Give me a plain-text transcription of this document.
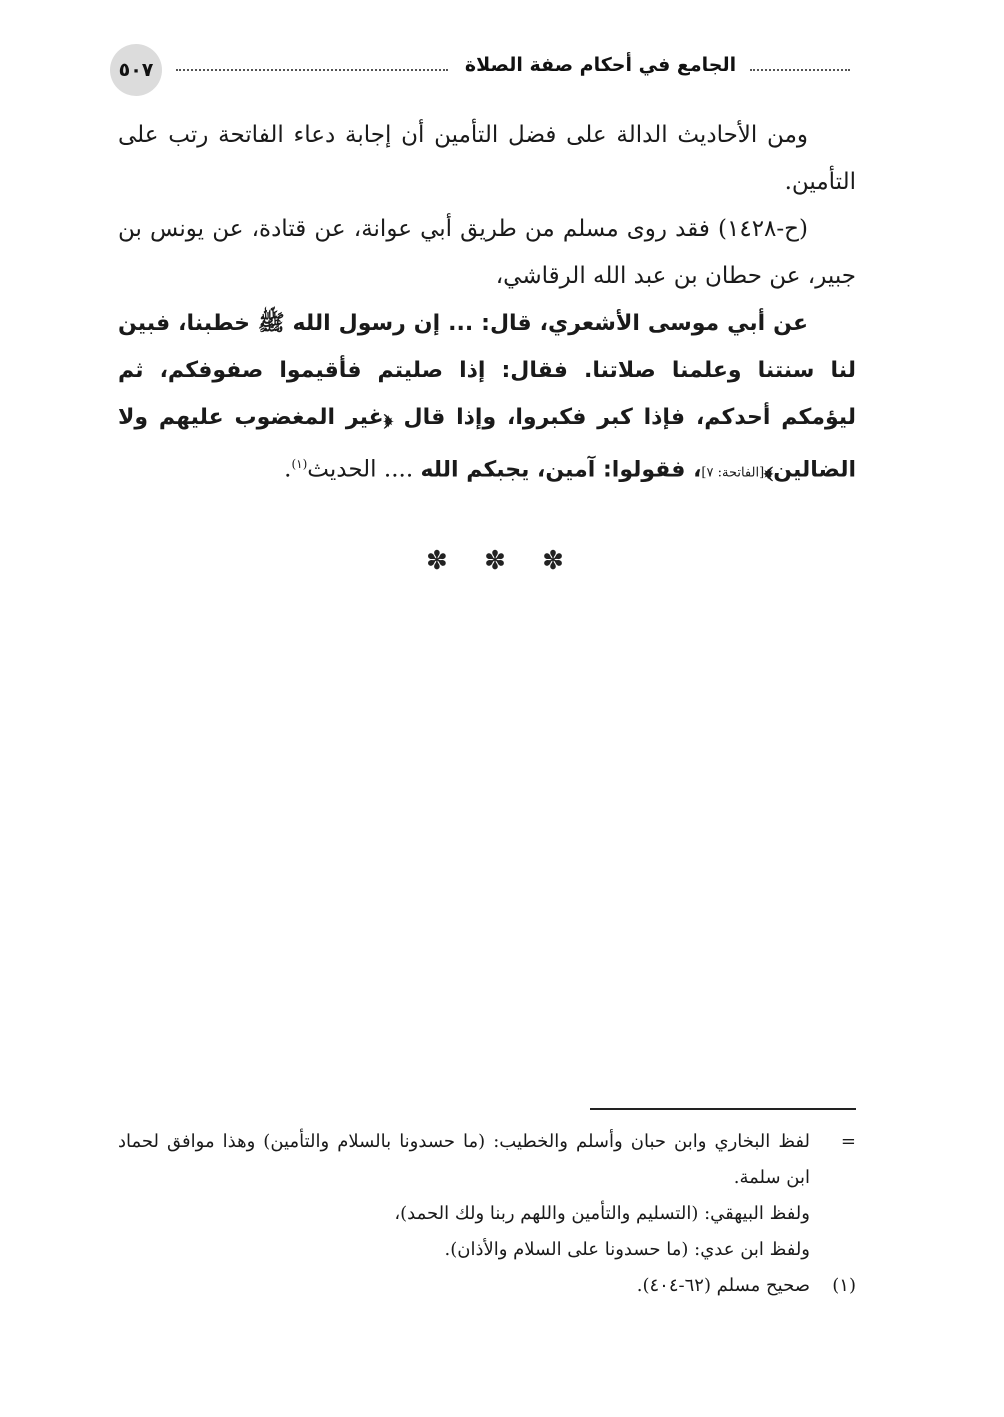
٥٠٧	الجامع في أحكام صفة الصلاة

ومن الأحاديث الدالة على فضل التأمين أن إجابة دعاء الفاتحة رتب على التأمين.

(ح-١٤٢٨) فقد روى مسلم من طريق أبي عوانة، عن قتادة، عن يونس بن جبير، عن حطان بن عبد الله الرقاشي،

عن أبي موسى الأشعري، قال: ... إن رسول الله ﷺ خطبنا، فبين لنا سنتنا وعلمنا صلاتنا. فقال: إذا صليتم فأقيموا صفوفكم، ثم ليؤمكم أحدكم، فإذا كبر فكبروا، وإذا قال ﴿غير المغضوب عليهم ولا الضالين﴾[الفاتحة: ٧]، فقولوا: آمين، يجبكم الله .... الحديث$^{(١)}$.

✽ ✽ ✽
=
لفظ البخاري وابن حبان وأسلم والخطيب: (ما حسدونا بالسلام والتأمين) وهذا موافق لحماد ابن سلمة.
ولفظ البيهقي: (التسليم والتأمين واللهم ربنا ولك الحمد)،
ولفظ ابن عدي: (ما حسدونا على السلام والأذان).
(١)
صحيح مسلم (٦٢-٤٠٤).
